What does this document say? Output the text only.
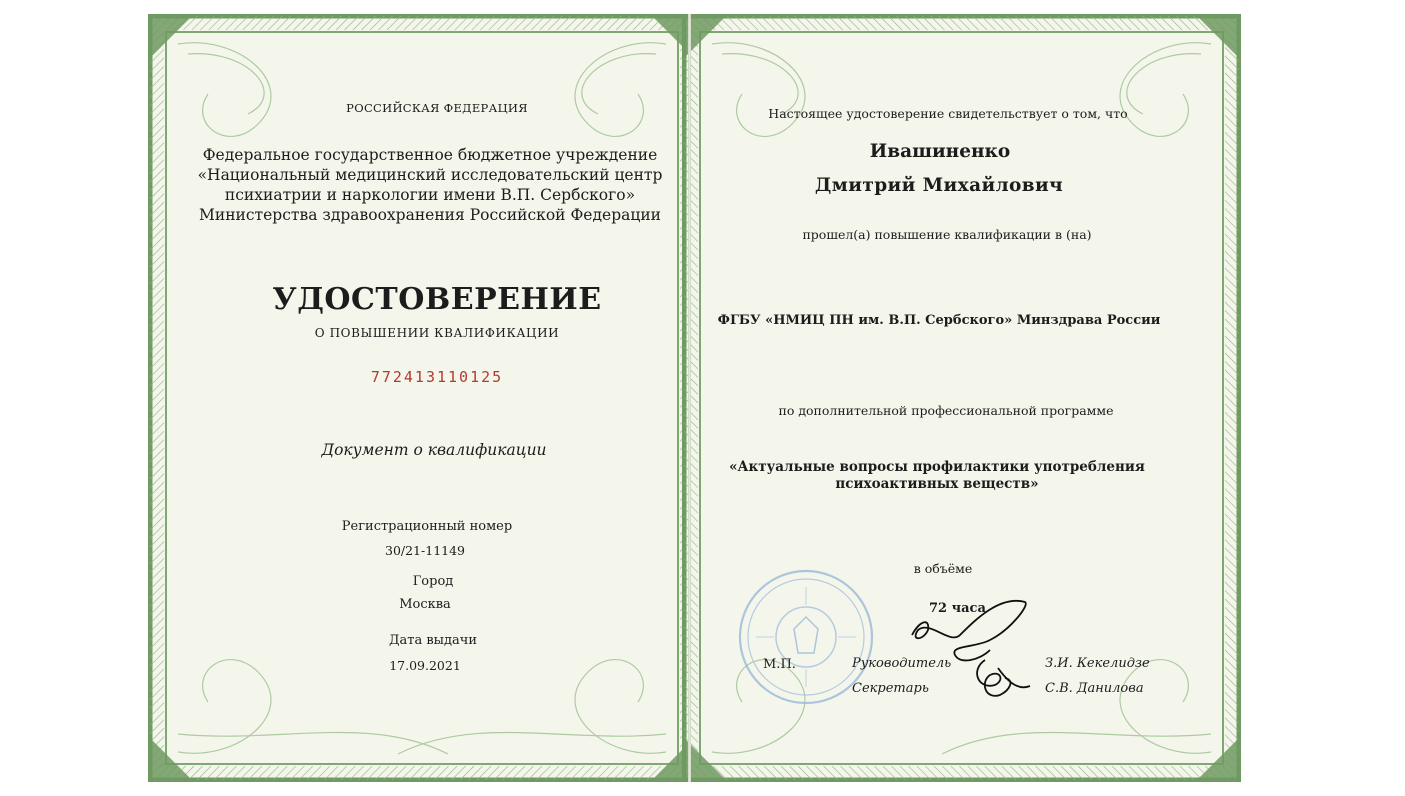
РОССИЙСКАЯ ФЕДЕРАЦИЯ
Федеральное государственное бюджетное учреждение
«Национальный медицинский исследовательский центр
психиатрии и наркологии имени В.П. Сербского»
Министерства здравоохранения Российской Федерации
УДОСТОВЕРЕНИЕ
О ПОВЫШЕНИИ КВАЛИФИКАЦИИ
772413110125
Документ о квалификации
Регистрационный номер
30/21-11149
Город
Москва
Дата выдачи
17.09.2021
Настоящее удостоверение свидетельствует о том, что
Ивашиненко
Дмитрий Михайлович
прошел(а) повышение квалификации в (на)
ФГБУ «НМИЦ ПН им. В.П. Сербского» Минздрава России
по дополнительной профессиональной программе
«Актуальные вопросы профилактики употребления
психоактивных веществ»
в объёме
72 часа
М.П.	Руководитель	З.И. Кекелидзе
Секретарь	С.В. Данилова
